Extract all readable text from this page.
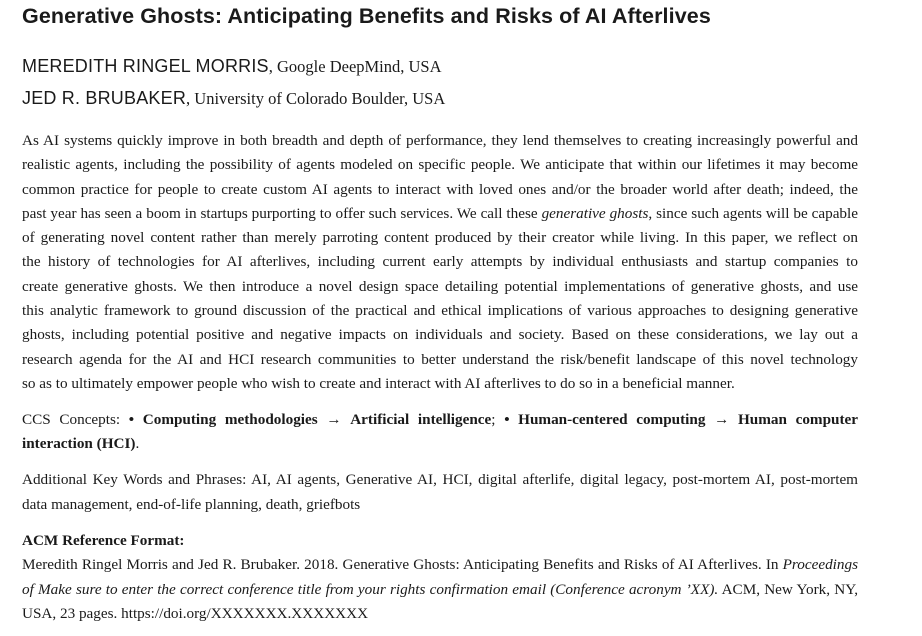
Generative Ghosts: Anticipating Benefits and Risks of AI Afterlives

MEREDITH RINGEL MORRIS, Google DeepMind, USA

JED R. BRUBAKER, University of Colorado Boulder, USA

As AI systems quickly improve in both breadth and depth of performance, they lend themselves to creating increasingly powerful and

realistic agents, including the possibility of agents modeled on specific people. We anticipate that within our lifetimes it may become

common practice for people to create custom AI agents to interact with loved ones and/or the broader world after death; indeed, the

past year has seen a boom in startups purporting to offer such services. We call these generative ghosts, since such agents will be capable

of generating novel content rather than merely parroting content produced by their creator while living. In this paper, we reflect on

the history of technologies for AI afterlives, including current early attempts by individual enthusiasts and startup companies to

create generative ghosts. We then introduce a novel design space detailing potential implementations of generative ghosts, and use

this analytic framework to ground discussion of the practical and ethical implications of various approaches to designing generative

ghosts, including potential positive and negative impacts on individuals and society. Based on these considerations, we lay out a

research agenda for the AI and HCI research communities to better understand the risk/benefit landscape of this novel technology

so as to ultimately empower people who wish to create and interact with AI afterlives to do so in a beneficial manner.

CCS Concepts: • Computing methodologies → Artificial intelligence; • Human-centered computing → Human computer

interaction (HCI).

Additional Key Words and Phrases: AI, AI agents, Generative AI, HCI, digital afterlife, digital legacy, post-mortem AI, post-mortem

data management, end-of-life planning, death, griefbots

ACM Reference Format:

Meredith Ringel Morris and Jed R. Brubaker. 2018. Generative Ghosts: Anticipating Benefits and Risks of AI Afterlives. In Proceedings

of Make sure to enter the correct conference title from your rights confirmation email (Conference acronym ’XX). ACM, New York, NY,

USA, 23 pages. https://doi.org/XXXXXXX.XXXXXXX
